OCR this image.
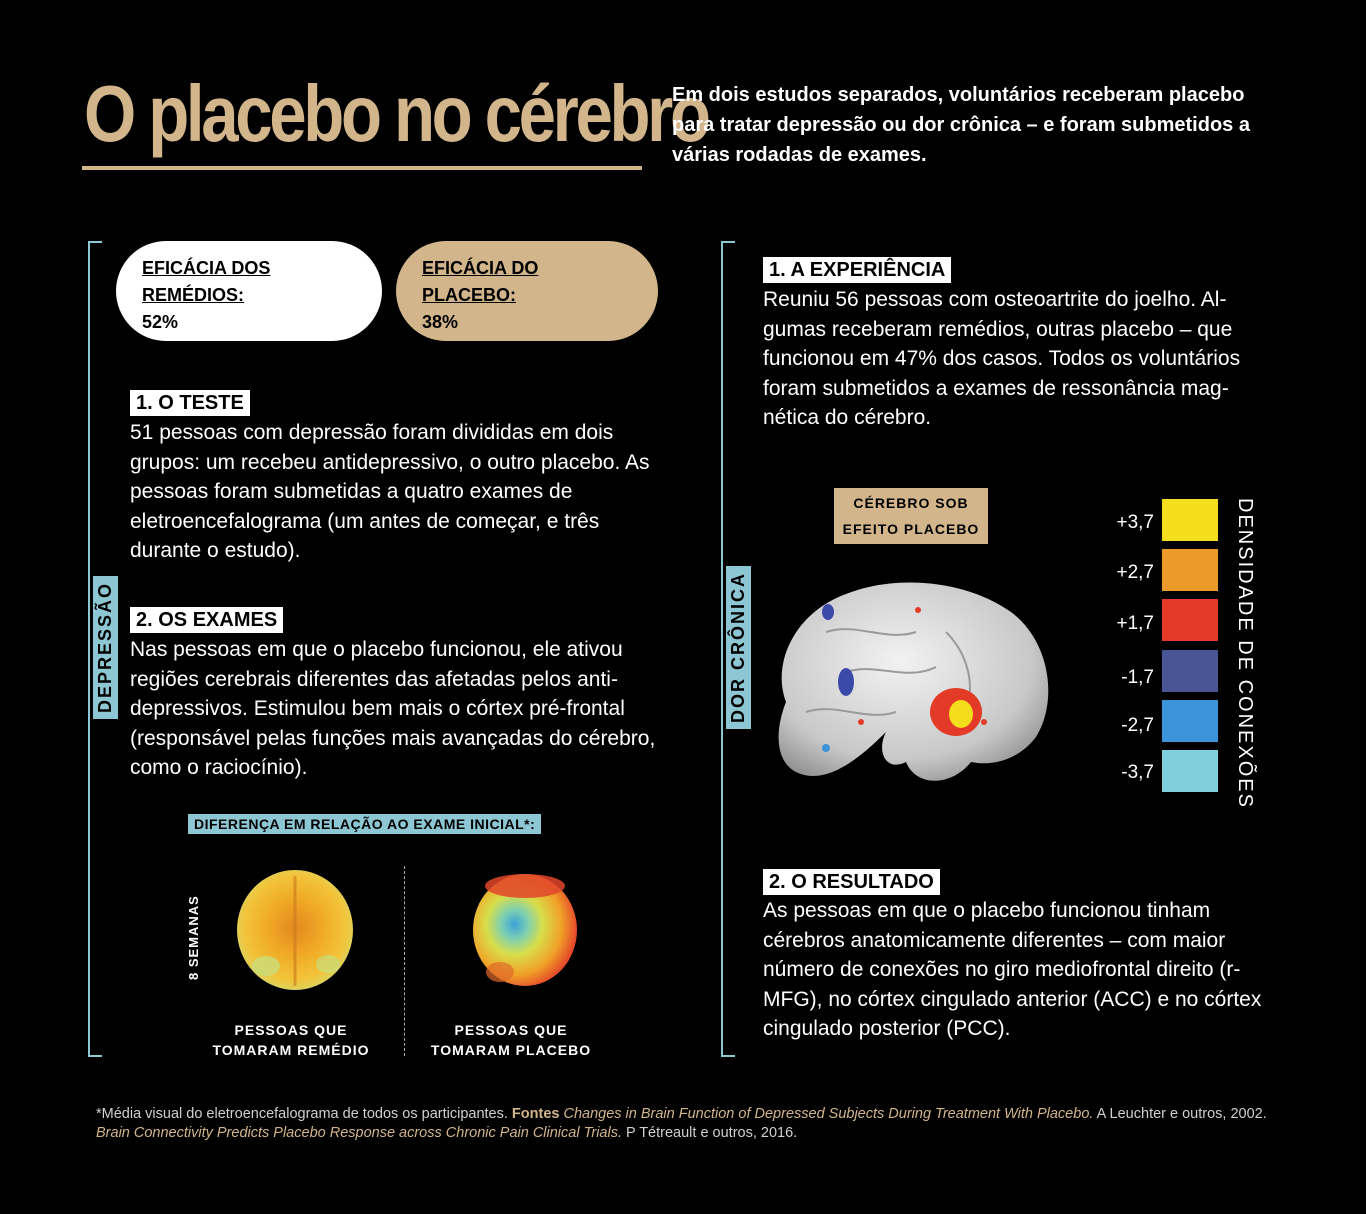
O placebo no cérebro
Em dois estudos separados, voluntários receberam placebo para tratar depressão ou dor crônica – e foram submetidos a várias rodadas de exames.
DEPRESSÃO
EFICÁCIA DOS REMÉDIOS:
52%
EFICÁCIA DO PLACEBO:
38%
1. O TESTE
51 pessoas com depressão foram divididas em dois grupos: um recebeu antidepressivo, o outro placebo. As pessoas foram submetidas a quatro exames de eletroencefalograma (um antes de começar, e três durante o estudo).
2. OS EXAMES
Nas pessoas em que o placebo funcionou, ele ativou regiões cerebrais diferentes das afetadas pelos anti- depressivos. Estimulou bem mais o córtex pré-frontal (responsável pelas funções mais avançadas do cérebro, como o raciocínio).
DIFERENÇA EM RELAÇÃO AO EXAME INICIAL*:
8 SEMANAS
PESSOAS QUE TOMARAM REMÉDIO
PESSOAS QUE TOMARAM PLACEBO
DOR CRÔNICA
1. A EXPERIÊNCIA
Reuniu 56 pessoas com osteoartrite do joelho. Al- gumas receberam remédios, outras placebo – que funcionou em 47% dos casos. Todos os voluntários foram submetidos a exames de ressonância mag- nética do cérebro.
CÉREBRO SOB EFEITO PLACEBO	+3,7
+2,7
+1,7
-1,7
-2,7
-3,7	DENSIDADE DE CONEXÕES
2. O RESULTADO
As pessoas em que o placebo funcionou tinham cérebros anatomicamente diferentes – com maior número de conexões no giro mediofrontal direito (r-MFG), no córtex cingulado anterior (ACC) e no córtex cingulado posterior (PCC).
*Média visual do eletroencefalograma de todos os participantes. Fontes Changes in Brain Function of Depressed Subjects During Treatment With Placebo. A Leuchter e outros, 2002. Brain Connectivity Predicts Placebo Response across Chronic Pain Clinical Trials. P Tétreault e outros, 2016.
